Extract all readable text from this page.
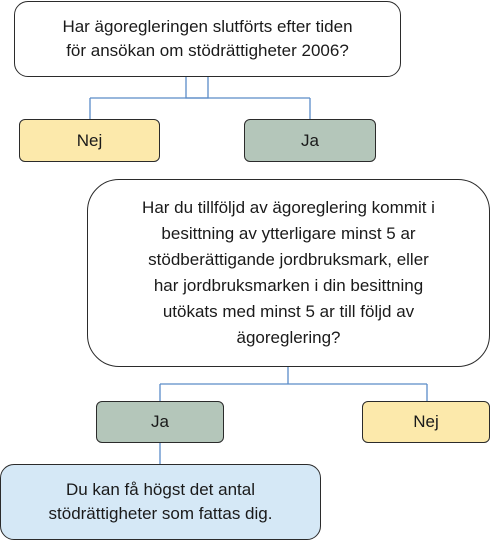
Har ägoregleringen slutförts efter tiden
för ansökan om stödrättigheter 2006?
Nej	Ja
Har du tillföljd av ägoreglering kommit i
besittning av ytterligare minst 5 ar
stödberättigande jordbruksmark, eller
har jordbruksmarken i din besittning
utökats med minst 5 ar till följd av
ägoreglering?
Ja	Nej
Du kan få högst det antal
stödrättigheter som fattas dig.
